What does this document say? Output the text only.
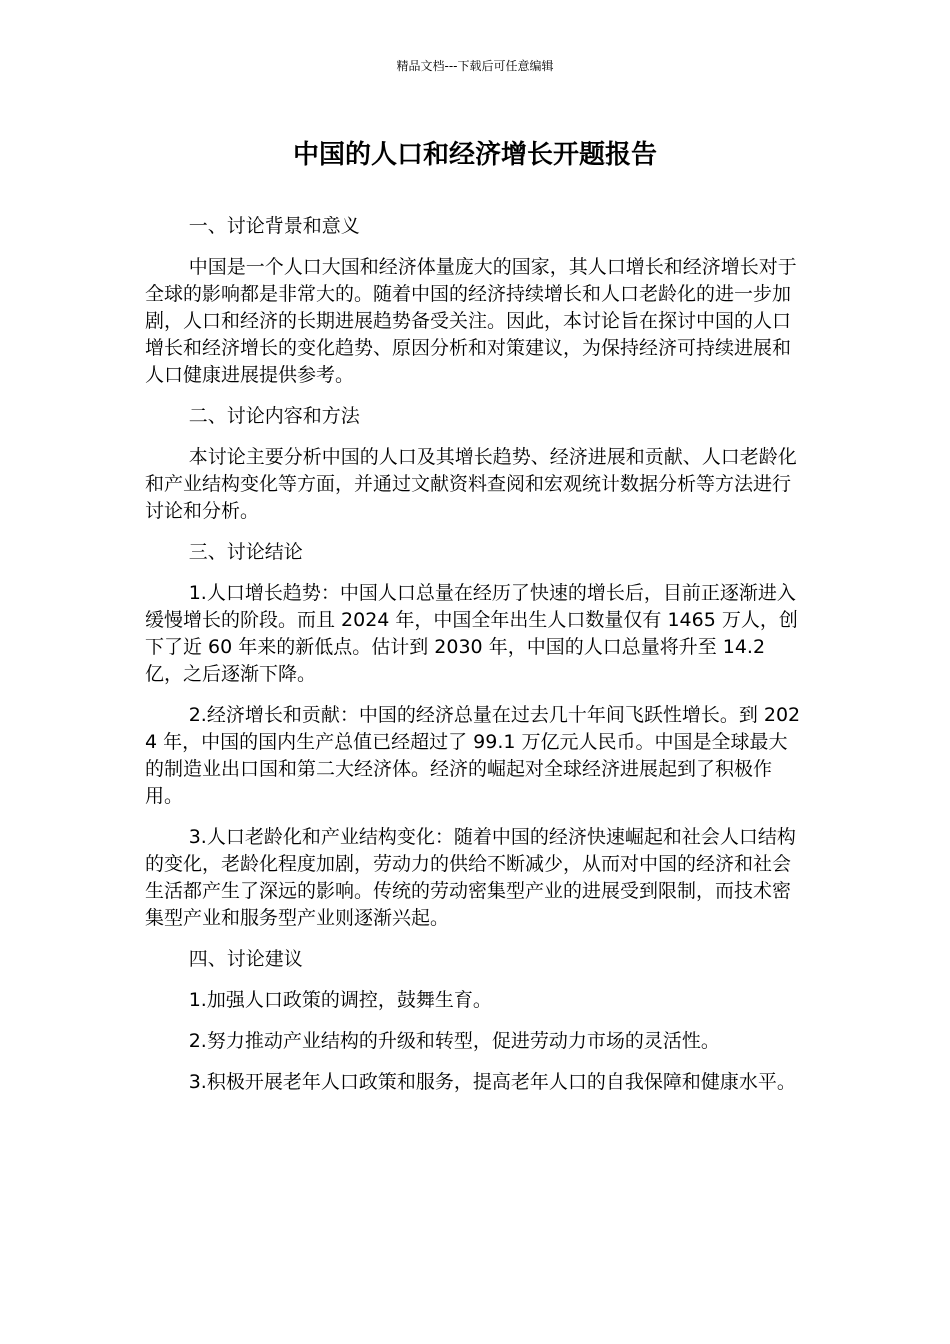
精品文档---下载后可任意编辑
中国的人口和经济增长开题报告

一、讨论背景和意义

中国是一个人口大国和经济体量庞大的国家，其人口增长和经济增长对于全球的影响都是非常大的。随着中国的经济持续增长和人口老龄化的进一步加剧，人口和经济的长期进展趋势备受关注。因此，本讨论旨在探讨中国的人口增长和经济增长的变化趋势、原因分析和对策建议，为保持经济可持续进展和人口健康进展提供参考。

二、讨论内容和方法

本讨论主要分析中国的人口及其增长趋势、经济进展和贡献、人口老龄化和产业结构变化等方面，并通过文献资料查阅和宏观统计数据分析等方法进行讨论和分析。

三、讨论结论

1.人口增长趋势：中国人口总量在经历了快速的增长后，目前正逐渐进入缓慢增长的阶段。而且 2024 年，中国全年出生人口数量仅有 1465 万人，创下了近 60 年来的新低点。估计到 2030 年，中国的人口总量将升至 14.2 亿，之后逐渐下降。

2.经济增长和贡献：中国的经济总量在过去几十年间飞跃性增长。到 2024 年，中国的国内生产总值已经超过了 99.1 万亿元人民币。中国是全球最大的制造业出口国和第二大经济体。经济的崛起对全球经济进展起到了积极作用。

3.人口老龄化和产业结构变化：随着中国的经济快速崛起和社会人口结构的变化，老龄化程度加剧，劳动力的供给不断减少，从而对中国的经济和社会生活都产生了深远的影响。传统的劳动密集型产业的进展受到限制，而技术密集型产业和服务型产业则逐渐兴起。

四、讨论建议

1.加强人口政策的调控，鼓舞生育。

2.努力推动产业结构的升级和转型，促进劳动力市场的灵活性。

3.积极开展老年人口政策和服务，提高老年人口的自我保障和健康水平。
